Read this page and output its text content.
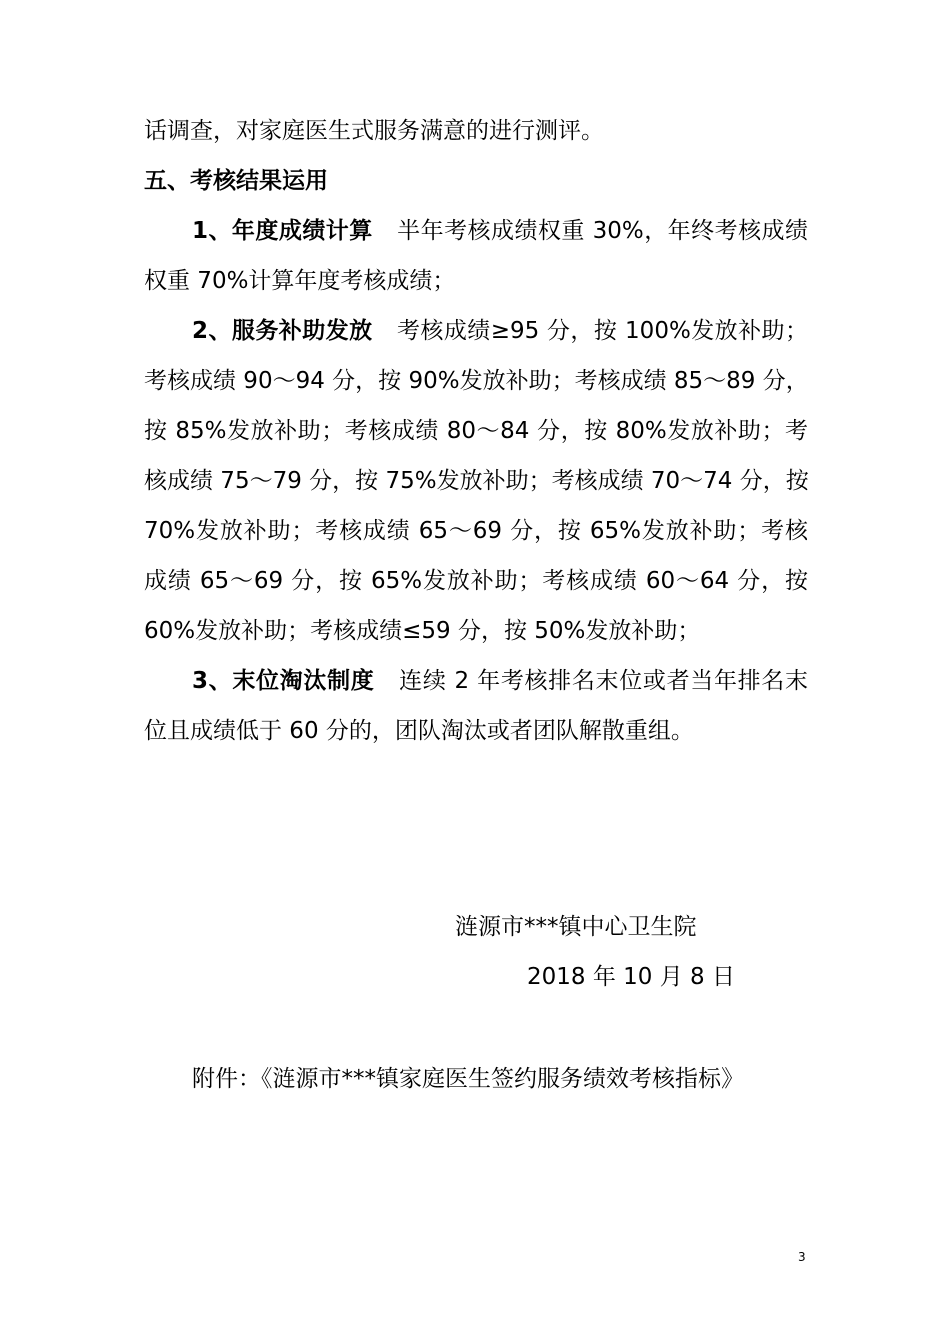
话调查，对家庭医生式服务满意的进行测评。
五、考核结果运用
1、年度成绩计算 半年考核成绩权重 30%，年终考核成绩
权重 70%计算年度考核成绩；
2、服务补助发放 考核成绩≥95 分，按 100%发放补助；
考核成绩 90～94 分，按 90%发放补助；考核成绩 85～89 分，
按 85%发放补助；考核成绩 80～84 分，按 80%发放补助；考
核成绩 75～79 分，按 75%发放补助；考核成绩 70～74 分，按
70%发放补助；考核成绩 65～69 分，按 65%发放补助；考核
成绩 65～69 分，按 65%发放补助；考核成绩 60～64 分，按
60%发放补助；考核成绩≤59 分，按 50%发放补助；
3、末位淘汰制度 连续 2 年考核排名末位或者当年排名末
位且成绩低于 60 分的，团队淘汰或者团队解散重组。
涟源市***镇中心卫生院
2018 年 10 月 8 日
附件：《涟源市***镇家庭医生签约服务绩效考核指标》
3
